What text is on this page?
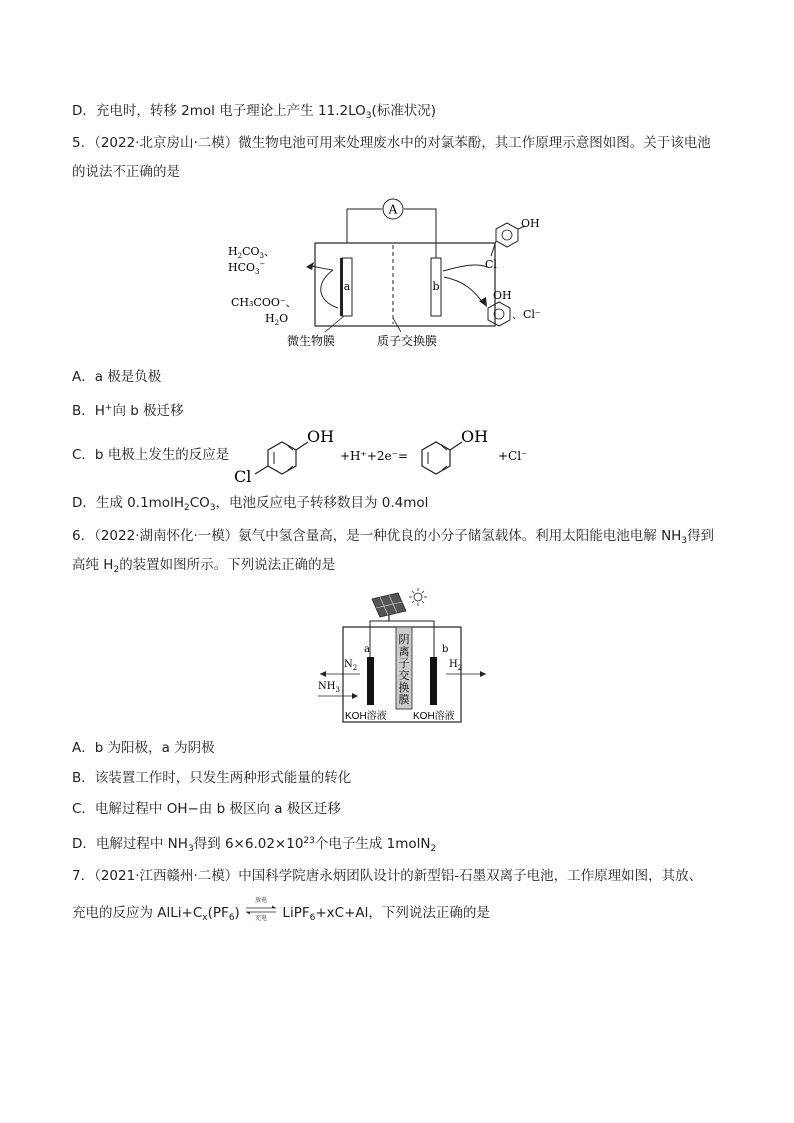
D．充电时，转移 2mol 电子理论上产生 $11.2LO_3$(标准状况)
5．（2022·北京房山·二模）微生物电池可用来处理废水中的对氯苯酚，其工作原理示意图如图。关于该电池
的说法不正确的是
A
a	b
$H_2CO_3$、
$HCO_3^-$
CH₃COO⁻、
$H_2O$
Cl
OH
OH
、Cl⁻
微生物膜	质子交换膜
A．a 极是负极
B．H+向 b 极迁移
C．b 电极上发生的反应是
OH
Cl
+H⁺+2e⁻=
OH
+Cl⁻
D．生成 $0.1molH_2CO_3$，电池反应电子转移数目为 0.4mol
6．（2022·湖南怀化·一模）氨气中氢含量高，是一种优良的小分子储氢载体。利用太阳能电池电解 $NH_3$得到
高纯 $H_2$的装置如图所示。下列说法正确的是
阴
离
子
交
换
膜
a	b
$N_2$
$NH_3$
$H_2$
KOH溶液	KOH溶液
A．b 为阳极，a 为阴极
B．该装置工作时，只发生两种形式能量的转化
C．电解过程中 OH−由 b 极区向 a 极区迁移
D．电解过程中 $NH_3$得到 $6\times 6.02\times 10^{23}$个电子生成 1molN$_2$
7．（2021·江西赣州·二模）中国科学院唐永炳团队设计的新型铝-石墨双离子电池，工作原理如图，其放、
充电的反应为 $AlLi+C_x(PF_6)$
放电
充电	LiPF$_6$+xC+Al，下列说法正确的是
